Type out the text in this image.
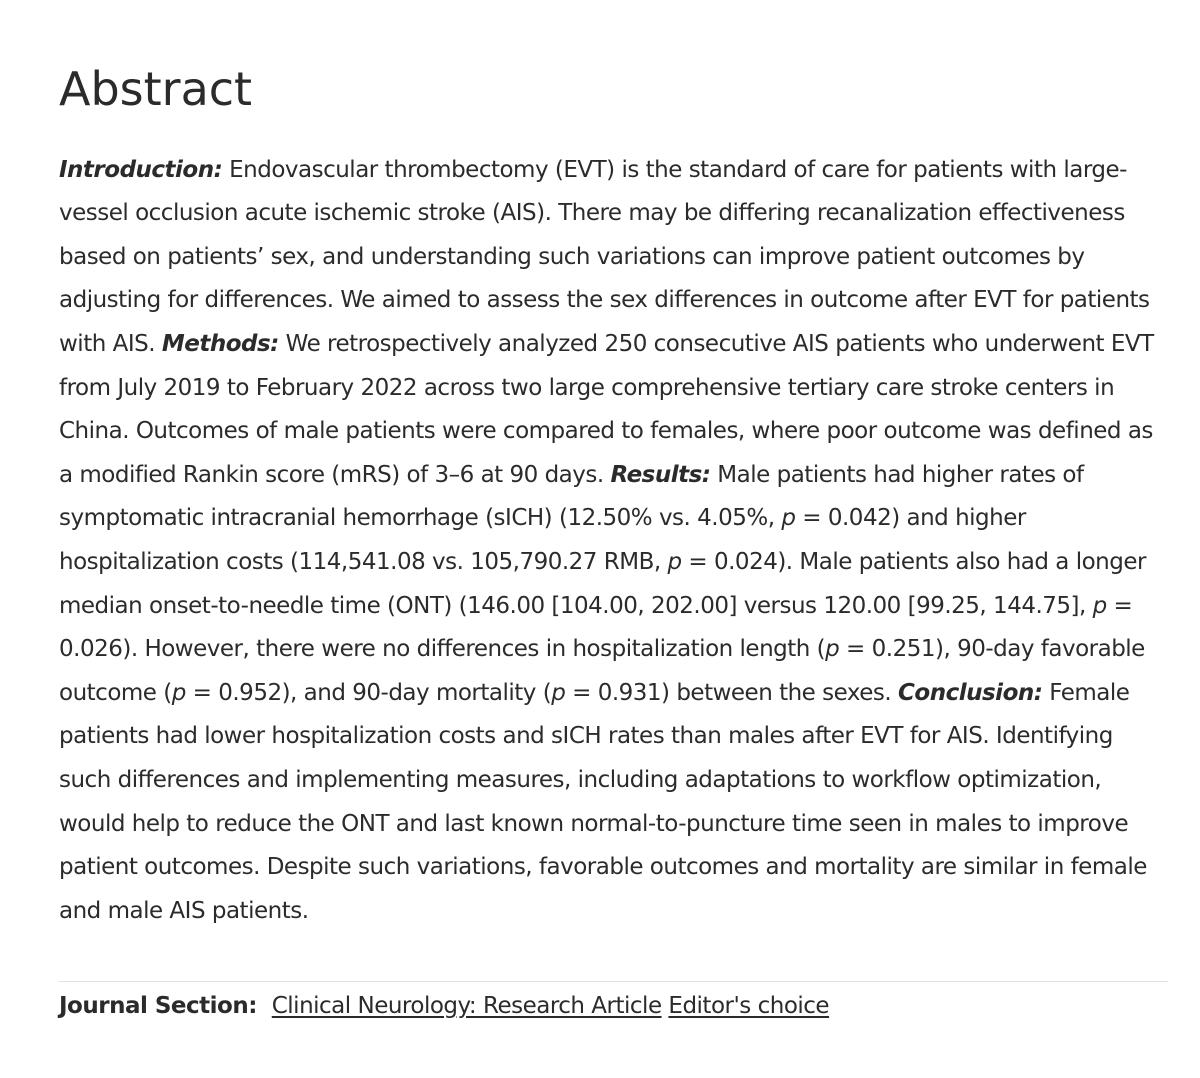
Abstract

Introduction: Endovascular thrombectomy (EVT) is the standard of care for patients with large-vessel occlusion acute ischemic stroke (AIS). There may be differing recanalization effectiveness based on patients’ sex, and understanding such variations can improve patient outcomes by adjusting for differences. We aimed to assess the sex differences in outcome after EVT for patients with AIS. Methods: We retrospectively analyzed 250 consecutive AIS patients who underwent EVT from July 2019 to February 2022 across two large comprehensive tertiary care stroke centers in China. Outcomes of male patients were compared to females, where poor outcome was defined as a modified Rankin score (mRS) of 3–6 at 90 days. Results: Male patients had higher rates of symptomatic intracranial hemorrhage (sICH) (12.50% vs. 4.05%, p = 0.042) and higher hospitalization costs (114,541.08 vs. 105,790.27 RMB, p = 0.024). Male patients also had a longer median onset-to-needle time (ONT) (146.00 [104.00, 202.00] versus 120.00 [99.25, 144.75], p = 0.026). However, there were no differences in hospitalization length (p = 0.251), 90-day favorable outcome (p = 0.952), and 90-day mortality (p = 0.931) between the sexes. Conclusion: Female patients had lower hospitalization costs and sICH rates than males after EVT for AIS. Identifying such differences and implementing measures, including adaptations to workflow optimization, would help to reduce the ONT and last known normal-to-puncture time seen in males to improve patient outcomes. Despite such variations, favorable outcomes and mortality are similar in female and male AIS patients.

Journal Section: Clinical Neurology: Research Article Editor's choice
